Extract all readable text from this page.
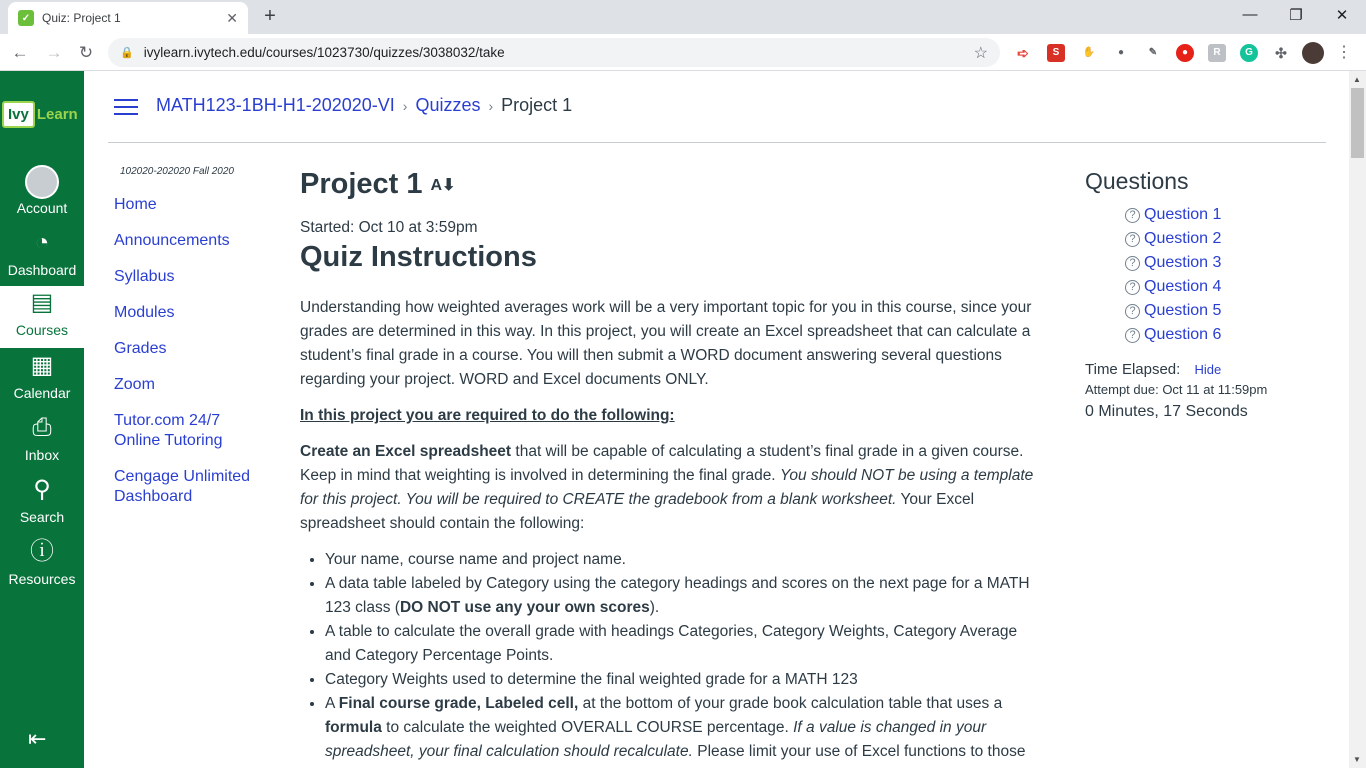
✓ Quiz: Project 1	✕	+	—	❐	✕
← → ↻	🔒 ivylearn.ivytech.edu/courses/1023730/quizzes/3038032/take	☆ ➪	S	✋	●	✎	●	R	G	✣	⋮
Ivy Learn
Account
◔
Dashboard
▤
Courses
▦
Calendar
⎙
Inbox
⚲
Search
ⓘ
Resources
⇤
MATH123-1BH-H1-202020-VI › Quizzes › Project 1
102020-202020 Fall 2020
Home
Announcements
Syllabus
Modules
Grades
Zoom
Tutor.com 24/7 Online Tutoring
Cengage Unlimited Dashboard
Project 1 A⬇
Started: Oct 10 at 3:59pm
Quiz Instructions
Understanding how weighted averages work will be a very important topic for you in this course, since your grades are determined in this way. In this project, you will create an Excel spreadsheet that can calculate a student’s final grade in a course. You will then submit a WORD document answering several questions regarding your project. WORD and Excel documents ONLY.
In this project you are required to do the following:
Create an Excel spreadsheet that will be capable of calculating a student’s final grade in a given course. Keep in mind that weighting is involved in determining the final grade. You should NOT be using a template for this project. You will be required to CREATE the gradebook from a blank worksheet. Your Excel spreadsheet should contain the following:
• Your name, course name and project name.
• A data table labeled by Category using the category headings and scores on the next page for a MATH 123 class (DO NOT use any your own scores).
• A table to calculate the overall grade with headings Categories, Category Weights, Category Average and Category Percentage Points.
• Category Weights used to determine the final weighted grade for a MATH 123
• A Final course grade, Labeled cell, at the bottom of your grade book calculation table that uses a formula to calculate the weighted OVERALL COURSE percentage. If a value is changed in your spreadsheet, your final calculation should recalculate. Please limit your use of Excel functions to those
Questions
? Question 1
? Question 2
? Question 3
? Question 4
? Question 5
? Question 6
Time Elapsed: Hide
Attempt due: Oct 11 at 11:59pm
0 Minutes, 17 Seconds
▲
▼
